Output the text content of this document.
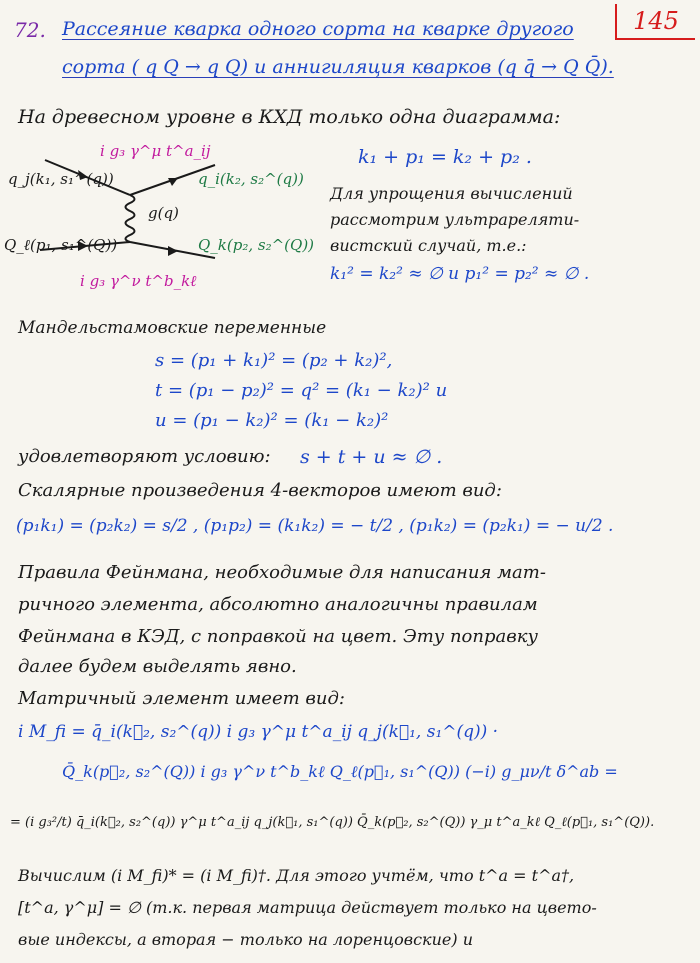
145
72. Рассеяние кварка одного сорта на кварке другого
сорта ( q Q → q Q) и аннигиляция кварков (q q̄ → Q Q̄).
На древесном уровне в КХД только одна диаграмма:
i g₃ γ^μ t^a_ij
q_j(k₁, s₁^(q))	q_i(k₂, s₂^(q))
g(q)
Q_ℓ(p₁, s₁^(Q))	Q_k(p₂, s₂^(Q))
i g₃ γ^ν t^b_kℓ
k₁ + p₁ = k₂ + p₂ .
Для упрощения вычислений
рассмотрим ультрареляти-
вистский случай, т.е.:
k₁² = k₂² ≈ ∅ и p₁² = p₂² ≈ ∅ .
Мандельстамовские переменные
s = (p₁ + k₁)² = (p₂ + k₂)²,
t = (p₁ − p₂)² = q² = (k₁ − k₂)² и
u = (p₁ − k₂)² = (k₁ − k₂)²
удовлетворяют условию: s + t + u ≈ ∅ .
Скалярные произведения 4-векторов имеют вид:
(p₁k₁) = (p₂k₂) = s/2 , (p₁p₂) = (k₁k₂) = − t/2 , (p₁k₂) = (p₂k₁) = − u/2 .
Правила Фейнмана, необходимые для написания мат-
ричного элемента, абсолютно аналогичны правилам
Фейнмана в КЭД, с поправкой на цвет. Эту поправку
далее будем выделять явно.
Матричный элемент имеет вид:
i M_fi = q̄_i(k⃗₂, s₂^(q)) i g₃ γ^μ t^a_ij q_j(k⃗₁, s₁^(q)) ·
Q̄_k(p⃗₂, s₂^(Q)) i g₃ γ^ν t^b_kℓ Q_ℓ(p⃗₁, s₁^(Q)) (−i) g_μν/t δ^ab =
= (i g₃²/t) q̄_i(k⃗₂, s₂^(q)) γ^μ t^a_ij q_j(k⃗₁, s₁^(q)) Q̄_k(p⃗₂, s₂^(Q)) γ_μ t^a_kℓ Q_ℓ(p⃗₁, s₁^(Q)).
Вычислим (i M_fi)* = (i M_fi)†. Для этого учтём, что t^a = t^a†,
[t^a, γ^μ] = ∅ (т.к. первая матрица действует только на цвето-
вые индексы, а вторая − только на лоренцовские) и
